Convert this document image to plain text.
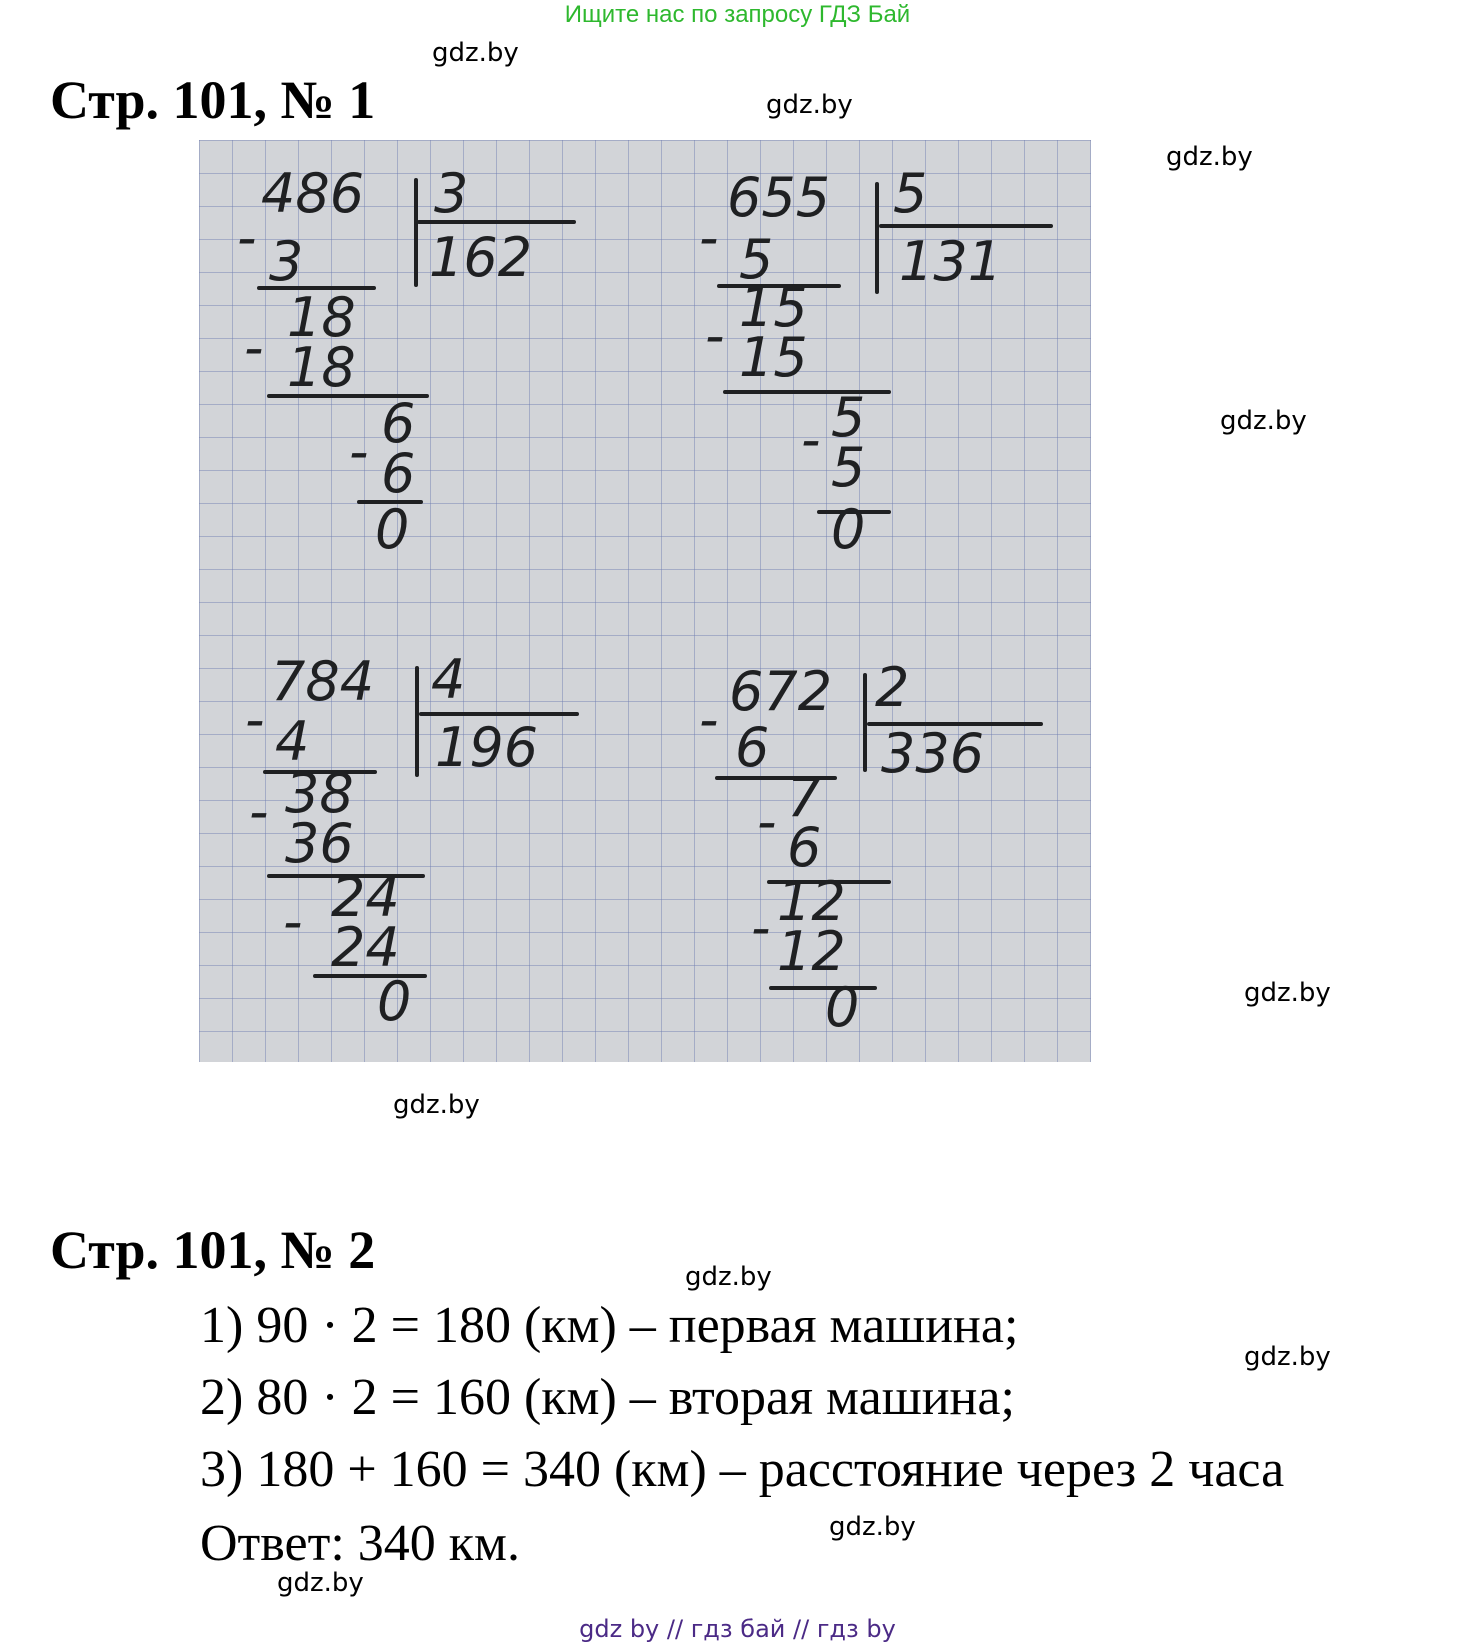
Ищите нас по запросу ГДЗ Бай
gdz.by
gdz.by
gdz.by
gdz.by
gdz.by
gdz.by
gdz.by
gdz.by
gdz.by
gdz.by
Стр. 101, № 1
486 3
162
- 3
18
- 18
6
- 6
0
655 5
131
- 5
15
- 15
5
- 5
0
784 4
196
- 4
38
-
36
24
- 24
0
672 2
336
- 6
7
- 6
12
- 12
0
Стр. 101, № 2
1) 90 · 2 = 180 (км) – первая машина;
2) 80 · 2 = 160 (км) – вторая машина;
3) 180 + 160 = 340 (км) – расстояние через 2 часа
Ответ: 340 км.
gdz by // гдз бай // гдз by
